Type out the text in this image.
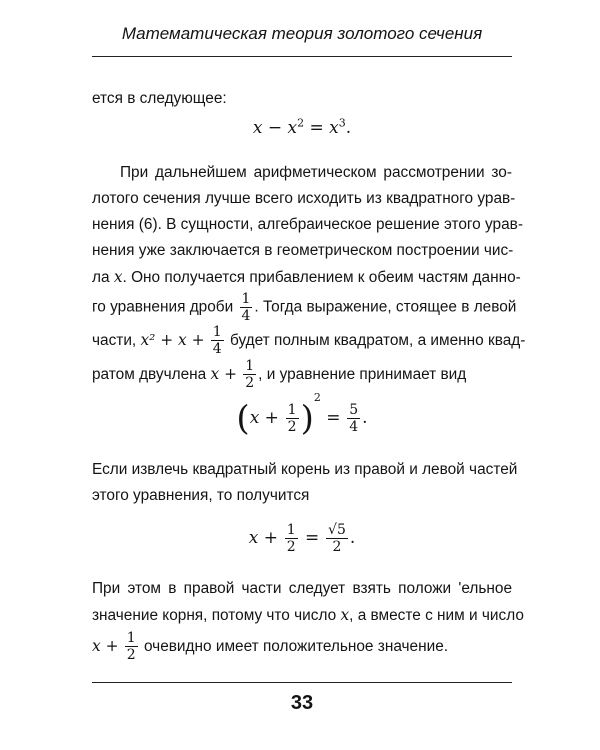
Математическая теория золотого сечения
ется в следующее:
$x - x^2 = x^3$.
При дальнейшем арифметическом рассмотрении зо-
лотого сечения лучше всего исходить из квадратного урав-
нения (6). В сущности, алгебраическое решение этого урав-
нения уже заключается в геометрическом построении чис-
ла x. Оно получается прибавлением к обеим частям данно-
го уравнения дроби $\frac{1}{4}$ . Тогда выражение, стоящее в левой
части, $x^2 + x + \frac{1}{4}$ будет полным квадратом, а именно квад-
ратом двучлена $x + \frac{1}{2}$ , и уравнение принимает вид
$(x + \frac{1}{2} )^2 = \frac{5}{4}$ .
Если извлечь квадратный корень из правой и левой частей
этого уравнения, то получится
$x + \frac{1}{2} = \frac{√5}{2}$ .
При этом в правой части следует взять положи 'ельное
значение корня, потому что число x, а вместе с ним и число
$x + \frac{1}{2}$ очевидно имеет положительное значение.
33
